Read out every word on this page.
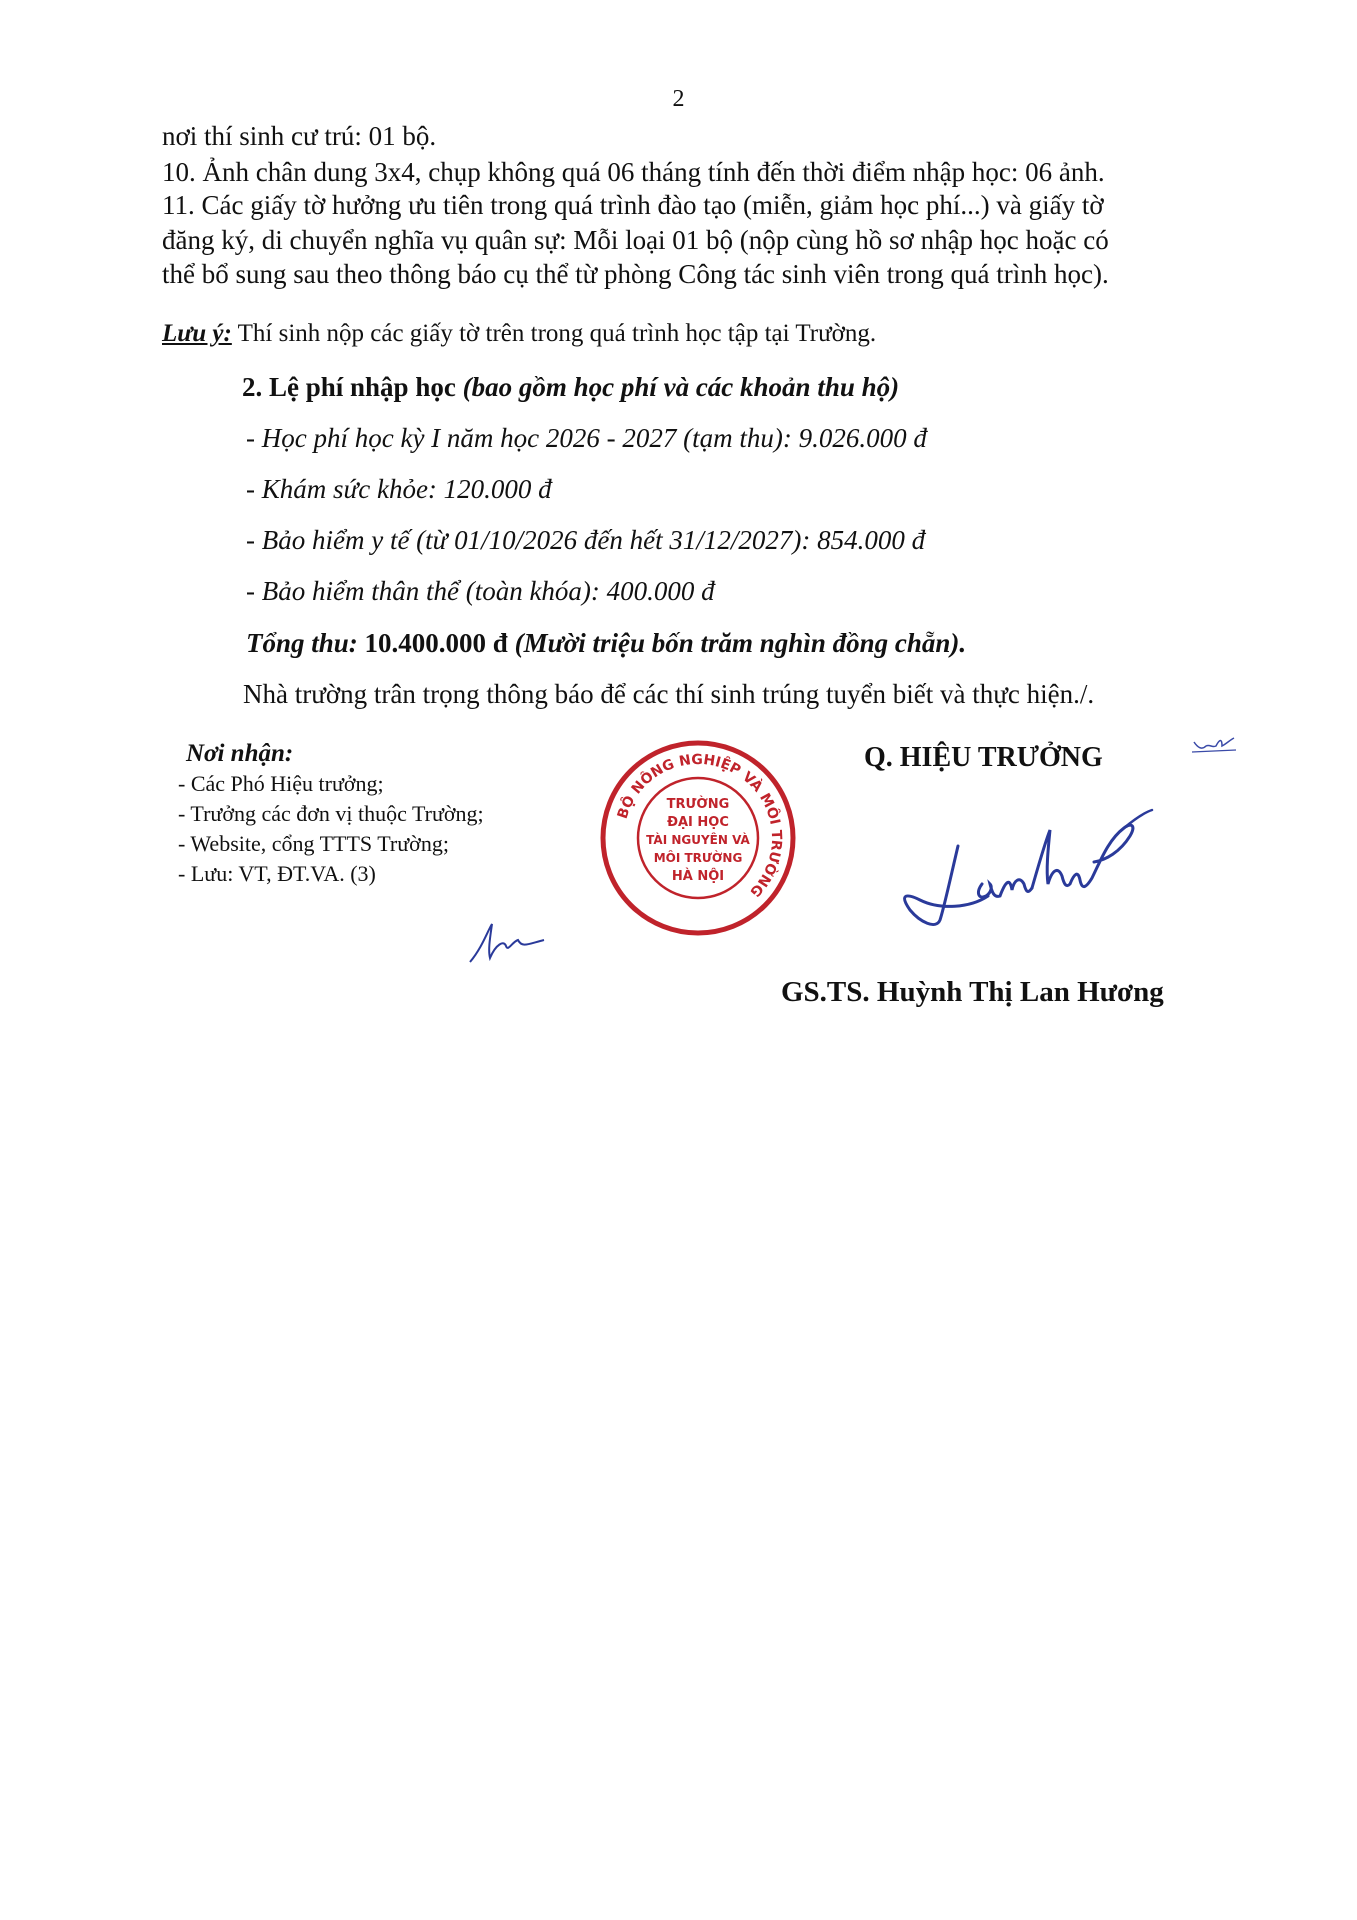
2
nơi thí sinh cư trú: 01 bộ.
10. Ảnh chân dung 3x4, chụp không quá 06 tháng tính đến thời điểm nhập học: 06 ảnh.
11. Các giấy tờ hưởng ưu tiên trong quá trình đào tạo (miễn, giảm học phí...) và giấy tờ
đăng ký, di chuyển nghĩa vụ quân sự: Mỗi loại 01 bộ (nộp cùng hồ sơ nhập học hoặc có
thể bổ sung sau theo thông báo cụ thể từ phòng Công tác sinh viên trong quá trình học).
Lưu ý: Thí sinh nộp các giấy tờ trên trong quá trình học tập tại Trường.
2. Lệ phí nhập học (bao gồm học phí và các khoản thu hộ)
- Học phí học kỳ I năm học 2026 - 2027 (tạm thu): 9.026.000 đ
- Khám sức khỏe: 120.000 đ
- Bảo hiểm y tế (từ 01/10/2026 đến hết 31/12/2027): 854.000 đ
- Bảo hiểm thân thể (toàn khóa): 400.000 đ
Tổng thu: 10.400.000 đ (Mười triệu bốn trăm nghìn đồng chẵn).
Nhà trường trân trọng thông báo để các thí sinh trúng tuyển biết và thực hiện./.
Nơi nhận:
- Các Phó Hiệu trưởng;
- Trưởng các đơn vị thuộc Trường;
- Website, cổng TTTS Trường;
- Lưu: VT, ĐT.VA. (3)
Q. HIỆU TRƯỞNG
BỘ NÔNG NGHIỆP VÀ MÔI TRƯỜNG
TRƯỜNG
ĐẠI HỌC
TÀI NGUYÊN VÀ
MÔI TRƯỜNG
HÀ NỘI
GS.TS. Huỳnh Thị Lan Hương
